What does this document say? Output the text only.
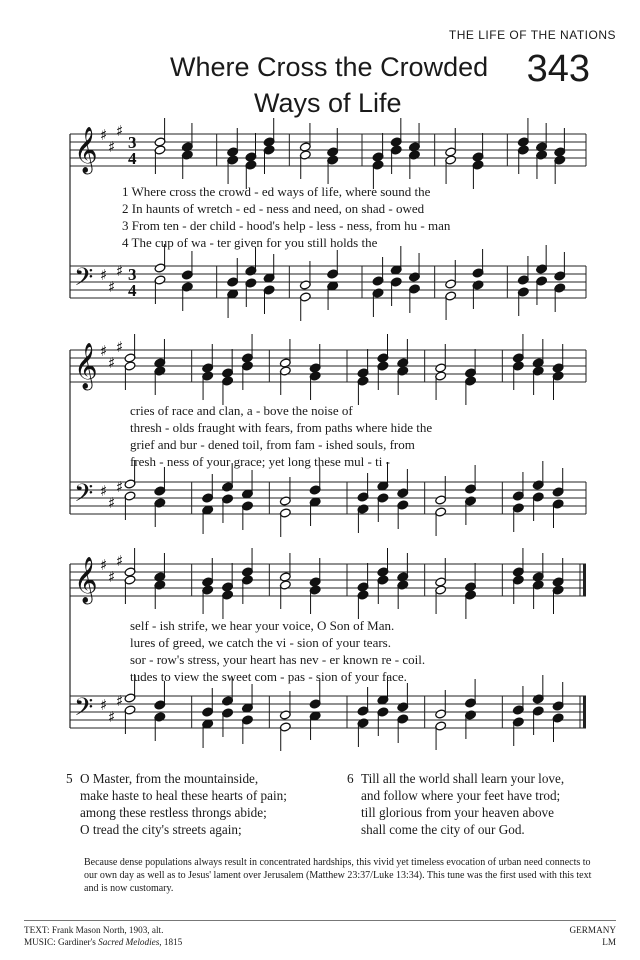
THE LIFE OF THE NATIONS
Where Cross the Crowded
Ways of Life
343
𝄞
𝄢
♯
♯
♯
♯
♯
♯
3
4
3
4
𝄞
𝄢
♯
♯
♯
♯
♯
♯
𝄞
𝄢
♯
♯
♯
♯
♯
♯
1 Where cross the crowd - ed ways of life, where sound the
2 In haunts of wretch - ed - ness and need, on shad - owed
3 From ten - der child - hood's help - less - ness, from hu - man
4 The cup of wa - ter given for you still holds the
cries of race and clan, a - bove the noise of
thresh - olds fraught with fears, from paths where hide the
grief and bur - dened toil, from fam - ished souls, from
fresh - ness of your grace; yet long these mul - ti -
self - ish strife, we hear your voice, O Son of Man.
lures of greed, we catch the vi - sion of your tears.
sor - row's stress, your heart has nev - er known re - coil.
tudes to view the sweet com - pas - sion of your face.
5 O Master, from the mountainside,
make haste to heal these hearts of pain;
among these restless throngs abide;
O tread the city's streets again;
6 Till all the world shall learn your love,
and follow where your feet have trod;
till glorious from your heaven above
shall come the city of our God.
Because dense populations always result in concentrated hardships, this vivid yet timeless evocation of urban need connects to our own day as well as to Jesus' lament over Jerusalem (Matthew 23:37/Luke 13:34). This tune was the first used with this text and is now customary.
TEXT: Frank Mason North, 1903, alt.
MUSIC: Gardiner's Sacred Melodies, 1815
GERMANY
LM
